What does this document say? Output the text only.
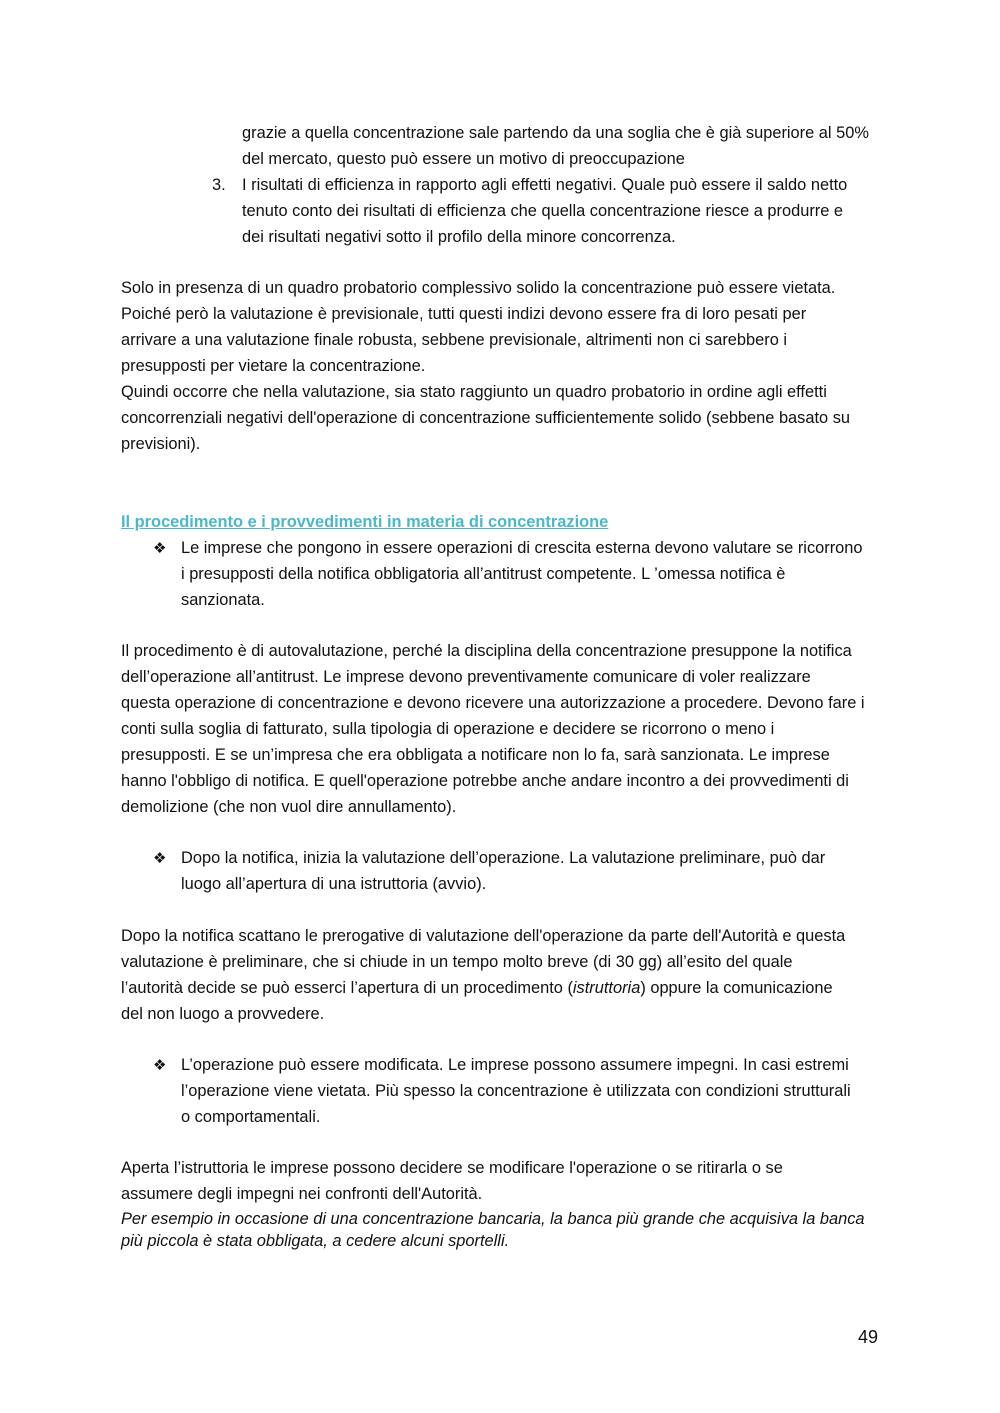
grazie a quella concentrazione sale partendo da una soglia che è già superiore al 50%
del mercato, questo può essere un motivo di preoccupazione
3. I risultati di efficienza in rapporto agli effetti negativi. Quale può essere il saldo netto
tenuto conto dei risultati di efficienza che quella concentrazione riesce a produrre e
dei risultati negativi sotto il profilo della minore concorrenza.
Solo in presenza di un quadro probatorio complessivo solido la concentrazione può essere vietata.
Poiché però la valutazione è previsionale, tutti questi indizi devono essere fra di loro pesati per
arrivare a una valutazione finale robusta, sebbene previsionale, altrimenti non ci sarebbero i
presupposti per vietare la concentrazione.
Quindi occorre che nella valutazione, sia stato raggiunto un quadro probatorio in ordine agli effetti
concorrenziali negativi dell'operazione di concentrazione sufficientemente solido (sebbene basato su
previsioni).
Il procedimento e i provvedimenti in materia di concentrazione
❖ Le imprese che pongono in essere operazioni di crescita esterna devono valutare se ricorrono
i presupposti della notifica obbligatoria all’antitrust competente. L ’omessa notifica è
sanzionata.
Il procedimento è di autovalutazione, perché la disciplina della concentrazione presuppone la notifica
dell’operazione all’antitrust. Le imprese devono preventivamente comunicare di voler realizzare
questa operazione di concentrazione e devono ricevere una autorizzazione a procedere. Devono fare i
conti sulla soglia di fatturato, sulla tipologia di operazione e decidere se ricorrono o meno i
presupposti. E se un’impresa che era obbligata a notificare non lo fa, sarà sanzionata. Le imprese
hanno l'obbligo di notifica. E quell'operazione potrebbe anche andare incontro a dei provvedimenti di
demolizione (che non vuol dire annullamento).
❖ Dopo la notifica, inizia la valutazione dell’operazione. La valutazione preliminare, può dar
luogo all’apertura di una istruttoria (avvio).
Dopo la notifica scattano le prerogative di valutazione dell'operazione da parte dell'Autorità e questa
valutazione è preliminare, che si chiude in un tempo molto breve (di 30 gg) all’esito del quale
l’autorità decide se può esserci l’apertura di un procedimento (istruttoria) oppure la comunicazione
del non luogo a provvedere.
❖ L’operazione può essere modificata. Le imprese possono assumere impegni. In casi estremi
l’operazione viene vietata. Più spesso la concentrazione è utilizzata con condizioni strutturali
o comportamentali.
Aperta l’istruttoria le imprese possono decidere se modificare l'operazione o se ritirarla o se
assumere degli impegni nei confronti dell'Autorità.
Per esempio in occasione di una concentrazione bancaria, la banca più grande che acquisiva la banca
più piccola è stata obbligata, a cedere alcuni sportelli.
49
